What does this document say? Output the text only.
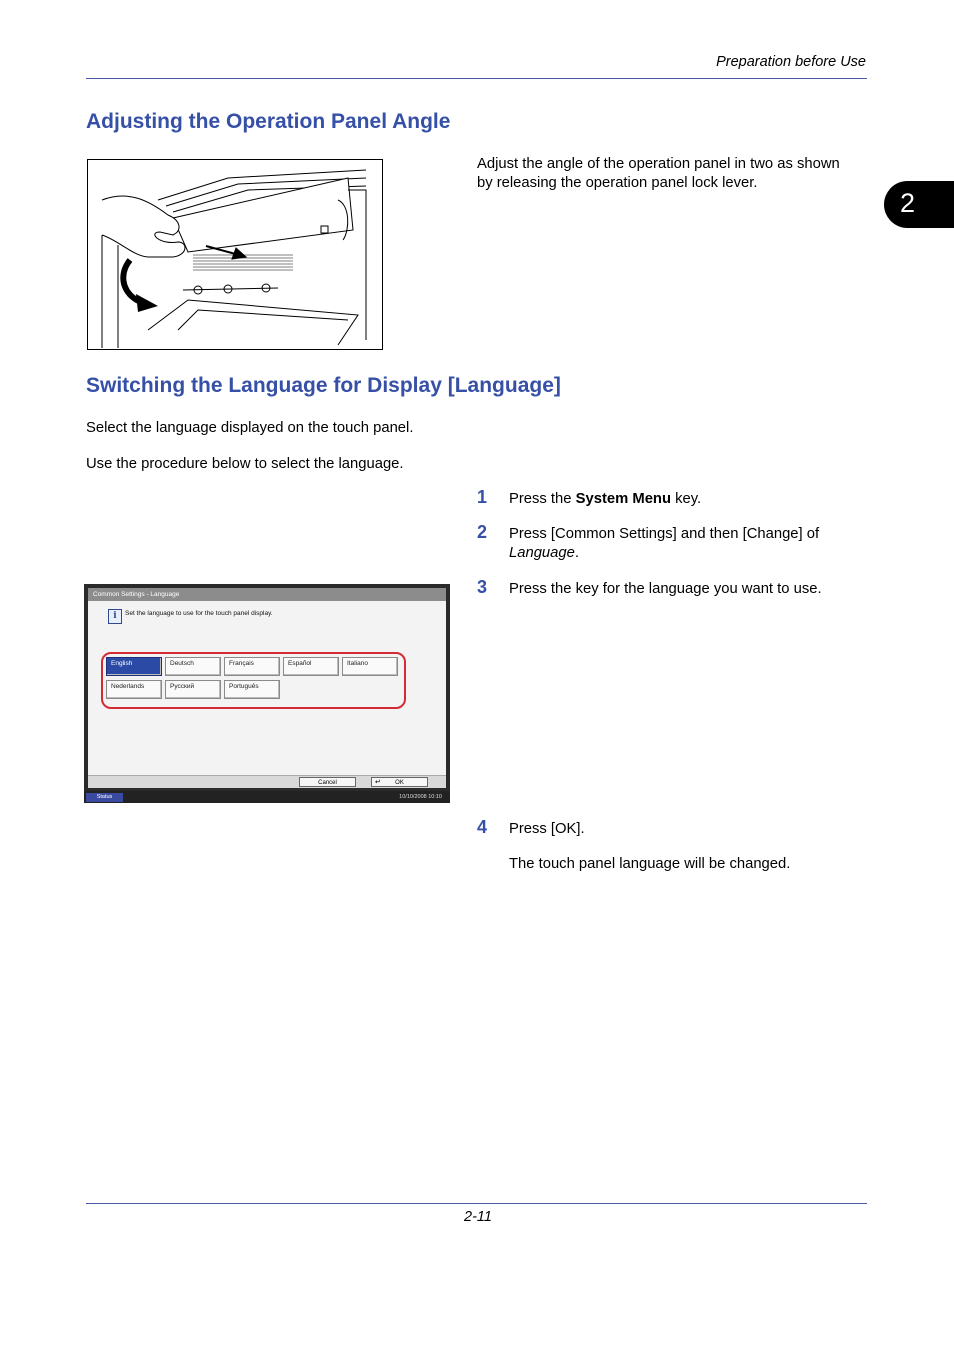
Preparation before Use
2
Adjusting the Operation Panel Angle
Adjust the angle of the operation panel in two as shown
by releasing the operation panel lock lever.
Switching the Language for Display [Language]
Select the language displayed on the touch panel.
Use the procedure below to select the language.
1 Press the System Menu key.
2 Press [Common Settings] and then [Change] of
Language.
3 Press the key for the language you want to use.
Common Settings - Language
i	Set the language to use for the touch panel display.
English	Deutsch	Français	Español	Italiano
Nederlands	Русский	Português
Cancel	↵ OK
Status	10/10/2008 10:10
4 Press [OK].
The touch panel language will be changed.
2-11
